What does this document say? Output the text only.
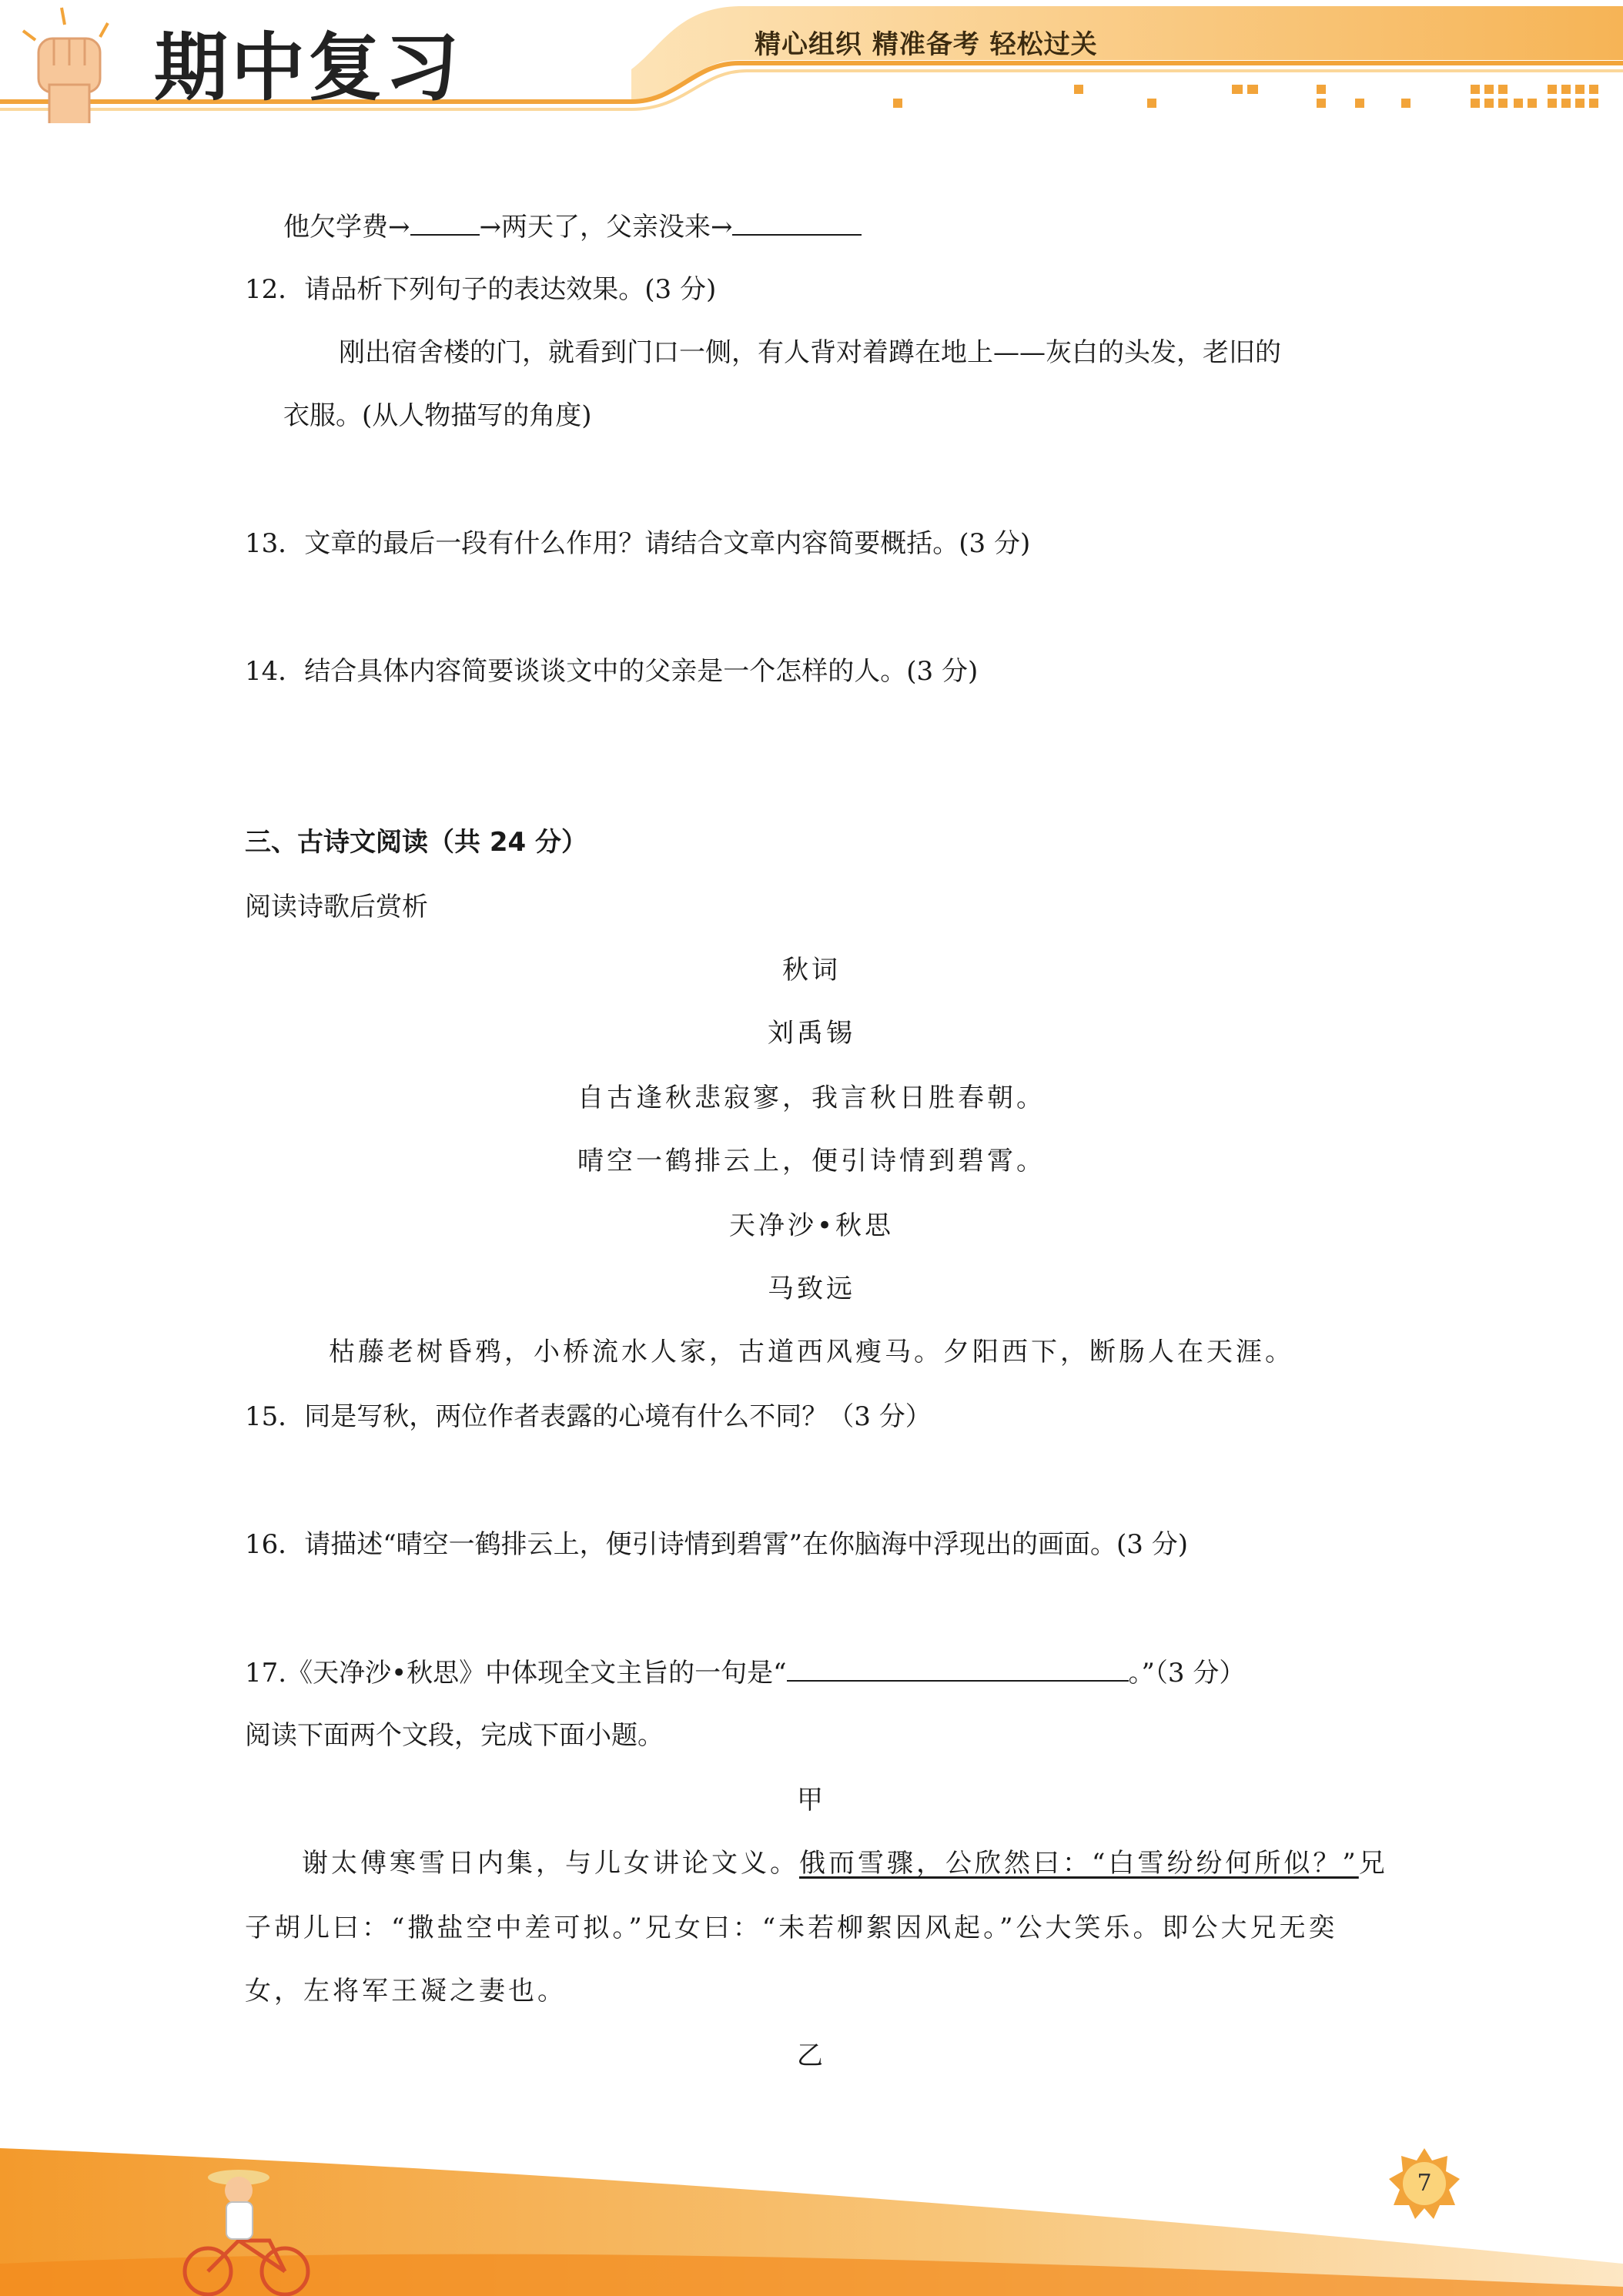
期中复习	精心组织 精准备考 轻松过关
他欠学费→	→两天了，父亲没来→
12．请品析下列句子的表达效果。(3 分)
刚出宿舍楼的门，就看到门口一侧，有人背对着蹲在地上——灰白的头发，老旧的
衣服。(从人物描写的角度)
13．文章的最后一段有什么作用？请结合文章内容简要概括。(3 分)
14．结合具体内容简要谈谈文中的父亲是一个怎样的人。(3 分)
三、古诗文阅读（共 24 分）
阅读诗歌后赏析
秋词
刘禹锡
自古逢秋悲寂寥，我言秋日胜春朝。
晴空一鹤排云上，便引诗情到碧霄。
天净沙•秋思
马致远
枯藤老树昏鸦，小桥流水人家，古道西风瘦马。夕阳西下，断肠人在天涯。
15．同是写秋，两位作者表露的心境有什么不同？（3 分）
16．请描述“晴空一鹤排云上，便引诗情到碧霄”在你脑海中浮现出的画面。(3 分)
17.《天净沙•秋思》中体现全文主旨的一句是“	。”（3 分）
阅读下面两个文段，完成下面小题。
甲
谢太傅寒雪日内集，与儿女讲论文义。俄而雪骤，公欣然曰：“白雪纷纷何所似？”兄
子胡儿曰：“撒盐空中差可拟。”兄女曰：“未若柳絮因风起。”公大笑乐。即公大兄无奕
女，左将军王凝之妻也。
乙
7
